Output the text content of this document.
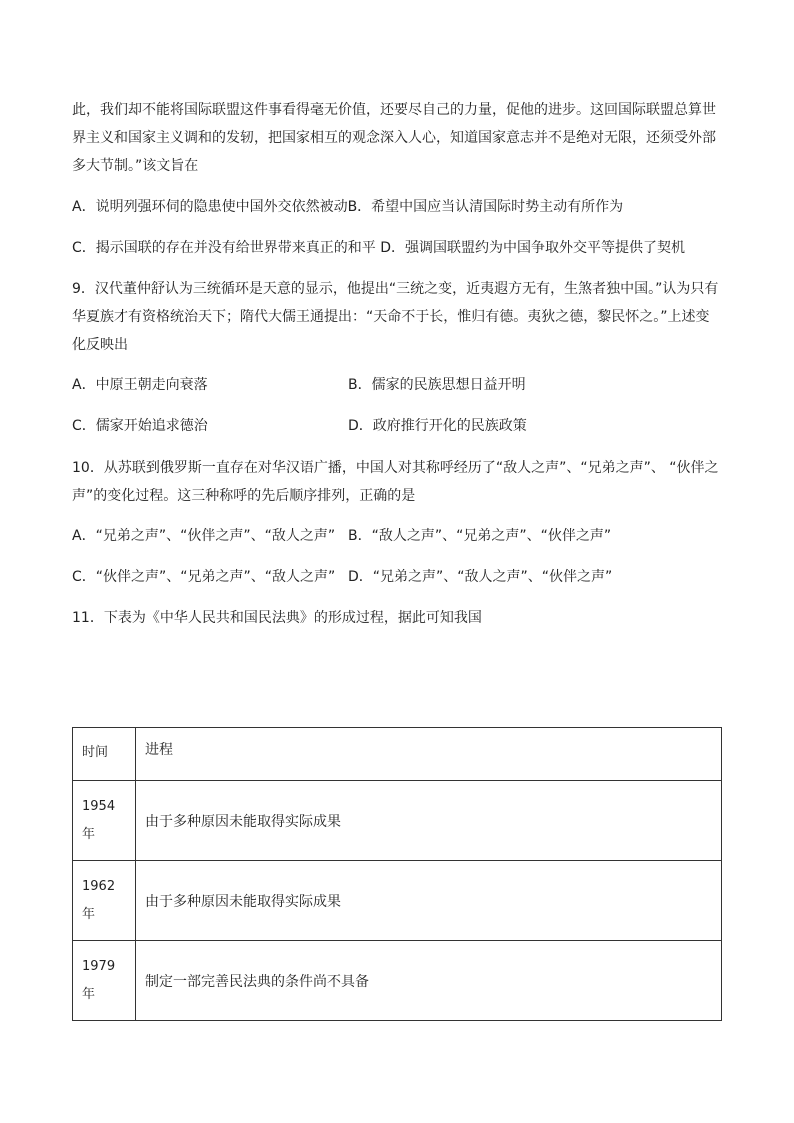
此，我们却不能将国际联盟这件事看得毫无价值，还要尽自己的力量，促他的进步。这回国际联盟总算世
界主义和国家主义调和的发轫，把国家相互的观念深入人心，知道国家意志并不是绝对无限，还须受外部
多大节制。”该文旨在
A．说明列强环伺的隐患使中国外交依然被动B．希望中国应当认清国际时势主动有所作为
C．揭示国联的存在并没有给世界带来真正的和平 D．强调国联盟约为中国争取外交平等提供了契机
9．汉代董仲舒认为三统循环是天意的显示，他提出“三统之变，近夷遐方无有，生煞者独中国。”认为只有
华夏族才有资格统治天下；隋代大儒王通提出：“天命不于长，惟归有德。夷狄之德，黎民怀之。”上述变
化反映出
A．中原王朝走向衰落	B．儒家的民族思想日益开明
C．儒家开始追求德治	D．政府推行开化的民族政策
10．从苏联到俄罗斯一直存在对华汉语广播，中国人对其称呼经历了“敌人之声”、“兄弟之声”、 “伙伴之
声”的变化过程。这三种称呼的先后顺序排列，正确的是
A．“兄弟之声”、“伙伴之声”、“敌人之声” B．“敌人之声”、“兄弟之声”、“伙伴之声”
C．“伙伴之声”、“兄弟之声”、“敌人之声” D．“兄弟之声”、“敌人之声”、“伙伴之声”
11．下表为《中华人民共和国民法典》的形成过程，据此可知我国
时间	进程

1954
年	由于多种原因未能取得实际成果

1962
年	由于多种原因未能取得实际成果

1979
年	制定一部完善民法典的条件尚不具备
